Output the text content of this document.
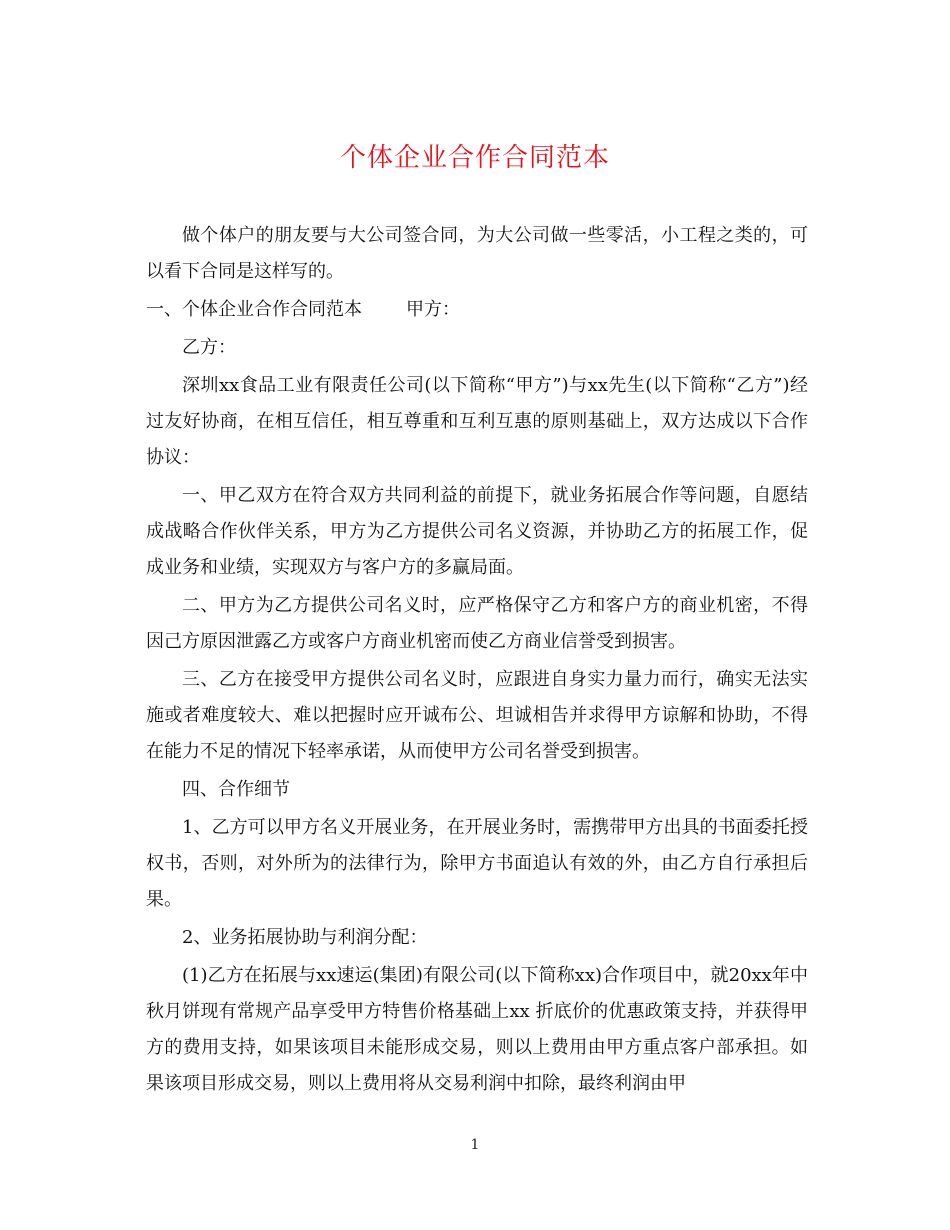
个体企业合作合同范本

做个体户的朋友要与大公司签合同，为大公司做一些零活，小工程之类的，可以看下合同是这样写的。

一、个体企业合作合同范本 甲方：

乙方：

深圳xx食品工业有限责任公司(以下简称“甲方”)与xx先生(以下简称“乙方”)经过友好协商，在相互信任，相互尊重和互利互惠的原则基础上，双方达成以下合作协议：

一、甲乙双方在符合双方共同利益的前提下，就业务拓展合作等问题，自愿结成战略合作伙伴关系，甲方为乙方提供公司名义资源，并协助乙方的拓展工作，促成业务和业绩，实现双方与客户方的多赢局面。

二、甲方为乙方提供公司名义时，应严格保守乙方和客户方的商业机密，不得因己方原因泄露乙方或客户方商业机密而使乙方商业信誉受到损害。

三、乙方在接受甲方提供公司名义时，应跟进自身实力量力而行，确实无法实施或者难度较大、难以把握时应开诚布公、坦诚相告并求得甲方谅解和协助，不得在能力不足的情况下轻率承诺，从而使甲方公司名誉受到损害。

四、合作细节

1、乙方可以甲方名义开展业务，在开展业务时，需携带甲方出具的书面委托授权书，否则，对外所为的法律行为，除甲方书面追认有效的外，由乙方自行承担后果。

2、业务拓展协助与利润分配：

(1)乙方在拓展与xx速运(集团)有限公司(以下简称xx)合作项目中，就20xx年中秋月饼现有常规产品享受甲方特售价格基础上xx 折底价的优惠政策支持，并获得甲方的费用支持，如果该项目未能形成交易，则以上费用由甲方重点客户部承担。如果该项目形成交易，则以上费用将从交易利润中扣除，最终利润由甲

1
